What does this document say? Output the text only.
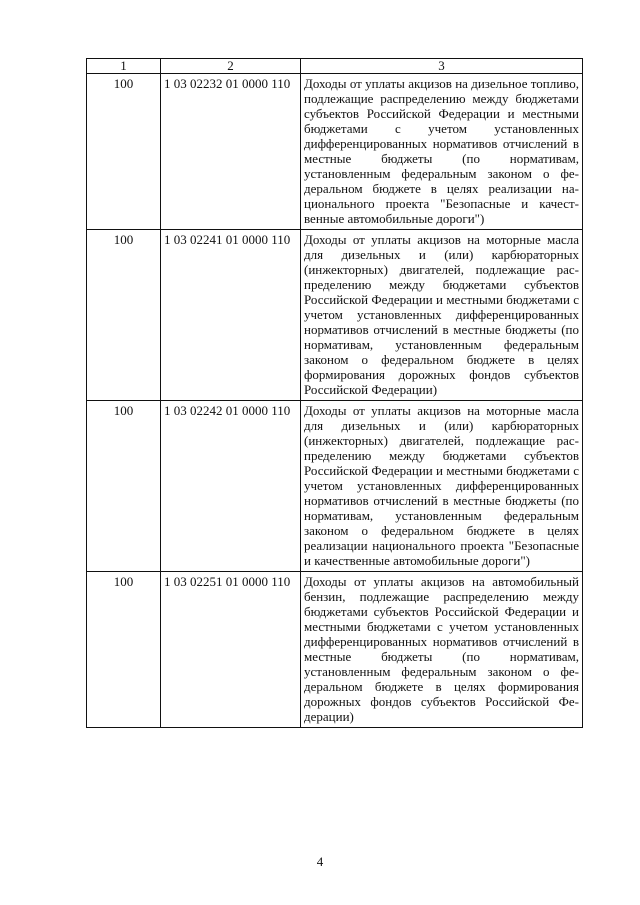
1	2	3
100	1 03 02232 01 0000 110	Доходы от уплаты акцизов на дизельное топливо, подлежащие распределению между бюджетами субъектов Российской Федерации и местными бюджетами с учетом установленных дифференцированных нормативов отчислений в местные бюджеты (по нормативам, установленным федеральным законом о федеральном бюджете в целях реализации национального проекта "Безопасные и качественные автомобильные дороги")
100	1 03 02241 01 0000 110	Доходы от уплаты акцизов на моторные масла для дизельных и (или) карбюраторных (инжекторных) двигателей, подлежащие распределению между бюджетами субъектов Российской Федерации и местными бюджетами с учетом установленных дифференцированных нормативов отчислений в местные бюджеты (по нормативам, установленным федеральным законом о федеральном бюджете в целях формирования дорожных фондов субъектов Российской Федерации)
100	1 03 02242 01 0000 110	Доходы от уплаты акцизов на моторные масла для дизельных и (или) карбюраторных (инжекторных) двигателей, подлежащие распределению между бюджетами субъектов Российской Федерации и местными бюджетами с учетом установленных дифференцированных нормативов отчислений в местные бюджеты (по нормативам, установленным федеральным законом о федеральном бюджете в целях реализации национального проекта "Безопасные и качественные автомобильные дороги")
100	1 03 02251 01 0000 110	Доходы от уплаты акцизов на автомобильный бензин, подлежащие распределению между бюджетами субъектов Российской Федерации и местными бюджетами с учетом установленных дифференцированных нормативов отчислений в местные бюджеты (по нормативам, установленным федеральным законом о федеральном бюджете в целях формирования дорожных фондов субъектов Российской Федерации)
4
